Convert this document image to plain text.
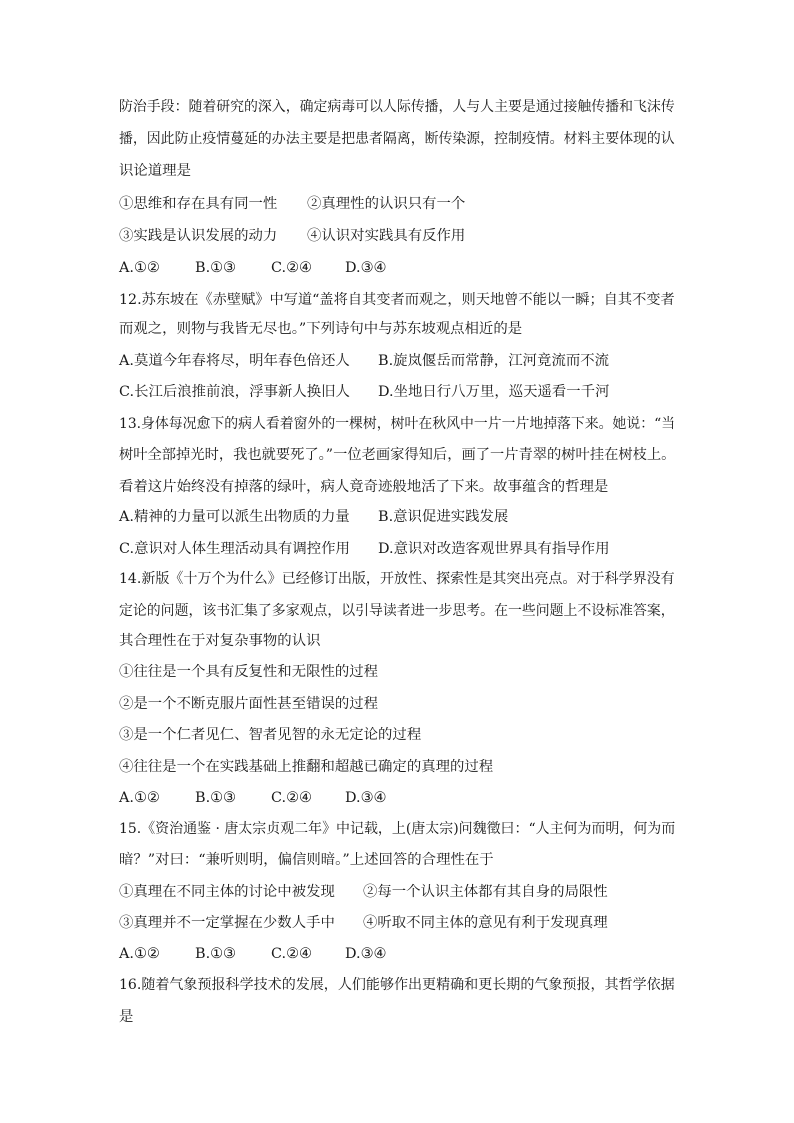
防治手段：随着研究的深入，确定病毒可以人际传播，人与人主要是通过接触传播和飞沫传
播，因此防止疫情蔓延的办法主要是把患者隔离，断传染源，控制疫情。材料主要体现的认
识论道理是
①思维和存在具有同一性 ②真理性的认识只有一个
③实践是认识发展的动力 ④认识对实践具有反作用
A.①② B.①③ C.②④ D.③④
12.苏东坡在《赤壁赋》中写道“盖将自其变者而观之，则天地曾不能以一瞬；自其不变者
而观之，则物与我皆无尽也。”下列诗句中与苏东坡观点相近的是
A.莫道今年春将尽，明年春色倍还人 B.旋岚偃岳而常静，江河竟流而不流
C.长江后浪推前浪，浮事新人换旧人 D.坐地日行八万里，巡天遥看一千河
13.身体每况愈下的病人看着窗外的一棵树，树叶在秋风中一片一片地掉落下来。她说：“当
树叶全部掉光时，我也就要死了。”一位老画家得知后，画了一片青翠的树叶挂在树枝上。
看着这片始终没有掉落的绿叶，病人竟奇迹般地活了下来。故事蕴含的哲理是
A.精神的力量可以派生出物质的力量 B.意识促进实践发展
C.意识对人体生理活动具有调控作用 D.意识对改造客观世界具有指导作用
14.新版《十万个为什么》已经修订出版，开放性、探索性是其突出亮点。对于科学界没有
定论的问题，该书汇集了多家观点，以引导读者进一步思考。在一些问题上不设标准答案，
其合理性在于对复杂事物的认识
①往往是一个具有反复性和无限性的过程
②是一个不断克服片面性甚至错误的过程
③是一个仁者见仁、智者见智的永无定论的过程
④往往是一个在实践基础上推翻和超越已确定的真理的过程
A.①② B.①③ C.②④ D.③④
15.《资治通鉴 · 唐太宗贞观二年》中记载，上(唐太宗)问魏徵曰：“人主何为而明，何为而
暗？”对曰：“兼听则明，偏信则暗。”上述回答的合理性在于
①真理在不同主体的讨论中被发现 ②每一个认识主体都有其自身的局限性
③真理并不一定掌握在少数人手中 ④听取不同主体的意见有利于发现真理
A.①② B.①③ C.②④ D.③④
16.随着气象预报科学技术的发展，人们能够作出更精确和更长期的气象预报，其哲学依据
是
